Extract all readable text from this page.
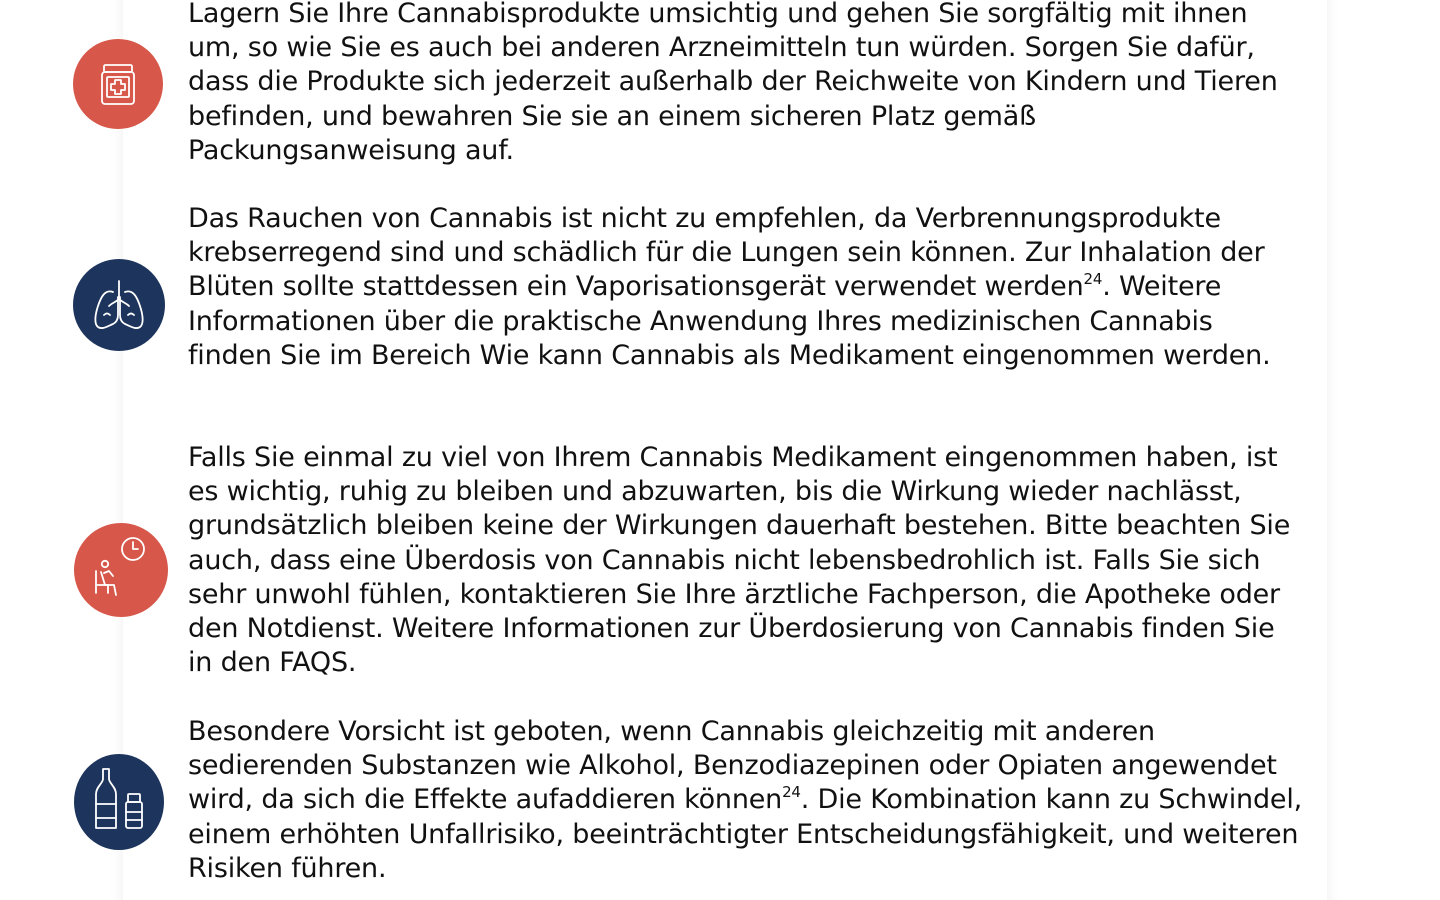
Lagern Sie Ihre Cannabisprodukte umsichtig und gehen Sie sorgfältig mit ihnen um, so wie Sie es auch bei anderen Arzneimitteln tun würden. Sorgen Sie dafür, dass die Produkte sich jederzeit außerhalb der Reichweite von Kindern und Tieren befinden, und bewahren Sie sie an einem sicheren Platz gemäß Packungsanweisung auf.

Das Rauchen von Cannabis ist nicht zu empfehlen, da Verbrennungsprodukte krebserregend sind und schädlich für die Lungen sein können. Zur Inhalation der Blüten sollte stattdessen ein Vaporisationsgerät verwendet werden$^{24}$. Weitere Informationen über die praktische Anwendung Ihres medizinischen Cannabis finden Sie im Bereich Wie kann Cannabis als Medikament eingenommen werden.

Falls Sie einmal zu viel von Ihrem Cannabis Medikament eingenommen haben, ist es wichtig, ruhig zu bleiben und abzuwarten, bis die Wirkung wieder nachlässt, grundsätzlich bleiben keine der Wirkungen dauerhaft bestehen. Bitte beachten Sie auch, dass eine Überdosis von Cannabis nicht lebensbedrohlich ist. Falls Sie sich sehr unwohl fühlen, kontaktieren Sie Ihre ärztliche Fachperson, die Apotheke oder den Notdienst. Weitere Informationen zur Überdosierung von Cannabis finden Sie in den FAQS.

Besondere Vorsicht ist geboten, wenn Cannabis gleichzeitig mit anderen sedierenden Substanzen wie Alkohol, Benzodiazepinen oder Opiaten angewendet wird, da sich die Effekte aufaddieren können$^{24}$. Die Kombination kann zu Schwindel, einem erhöhten Unfallrisiko, beeinträchtigter Entscheidungsfähigkeit, und weiteren Risiken führen.
